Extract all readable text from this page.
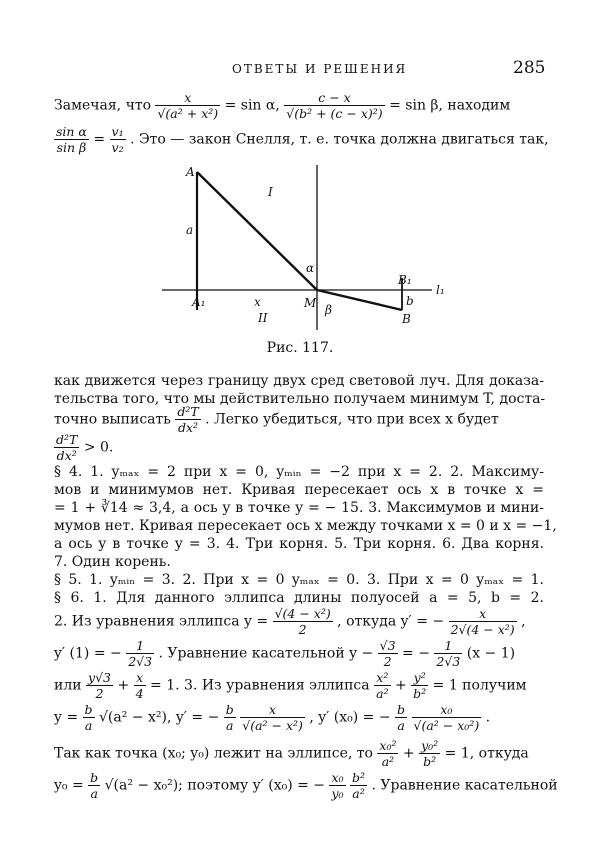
ОТВЕТЫ И РЕШЕНИЯ	285
Замечая, что $\frac{x}{\text{√(a² + x²)}} = \sin \alpha$, $\frac{c - x}{\text{√(b² + (c − x)²)}} = \sin \beta$, находим
$\frac{\text{sin α}}{\text{sin β}} = \frac{\text{v₁}}{\text{v₂}}$ . Это — закон Снелля, т. е. точка должна двигаться так,
A
a
I
α
B₁
l₁
A₁	x	M β
b
II	B
Рис. 117.
как движется через границу двух сред световой луч. Для доказа-
тельства того, что мы действительно получаем минимум T, доста-
точно выписать $\frac{\text{d²T}}{\text{dx²}}$ . Легко убедиться, что при всех x будет
$\frac{\text{d²T}}{\text{dx²}} > 0$.
§ 4. 1. yₘₐₓ = 2 при x = 0, yₘᵢₙ = −2 при x = 2. 2. Максиму-
мов и минимумов нет. Кривая пересекает ось x в точке x =
= 1 + ∛14 ≈ 3,4, а ось y в точке y = − 15. 3. Максимумов и мини-
мумов нет. Кривая пересекает ось x между точками x = 0 и x = −1,
а ось y в точке y = 3. 4. Три корня. 5. Три корня. 6. Два корня.
7. Один корень.
§ 5. 1. yₘᵢₙ = 3. 2. При x = 0 yₘₐₓ = 0. 3. При x = 0 yₘₐₓ = 1.
§ 6. 1. Для данного эллипса длины полуосей a = 5, b = 2.
2. Из уравнения эллипса $y = \frac{\text{√(4 − x²)}}{2}$ , откуда y′ = − $\frac{x}{\text{2√(4 − x²)}}$ ,
y′ (1) = − $\frac{1}{2√3}$ . Уравнение касательной $y - \frac{√3}{2}$ = − $\frac{1}{2√3} (x - 1)$
или $\frac{y√3}{2} + \frac{x}{4} = 1$. 3. Из уравнения эллипса $\frac{\text{x²}}{\text{a²}} + \frac{\text{y²}}{\text{b²}} = 1$ получим
$y = \frac{b}{a} √(a^2 - x^2)$, y′ = − $\frac{b}{a}$
$\frac{x}{\text{√(a² − x²)}}$ , y′ (x₀) = − $\frac{b}{a}$
$\frac{\text{x₀}}{\text{√(a² − x₀²)}}$ .
Так как точка (x₀; y₀) лежит на эллипсе, то $\frac{\text{x₀²}}{\text{a²}} + \frac{\text{y₀²}}{\text{b²}} = 1$, откуда
$y_0 = \frac{b}{a} √(a^2 - x_0^2)$; поэтому y′ (x₀) = − $\frac{\text{x₀}}{\text{y₀}}$
$\frac{\text{b²}}{\text{a²}}$ . Уравнение касательной
